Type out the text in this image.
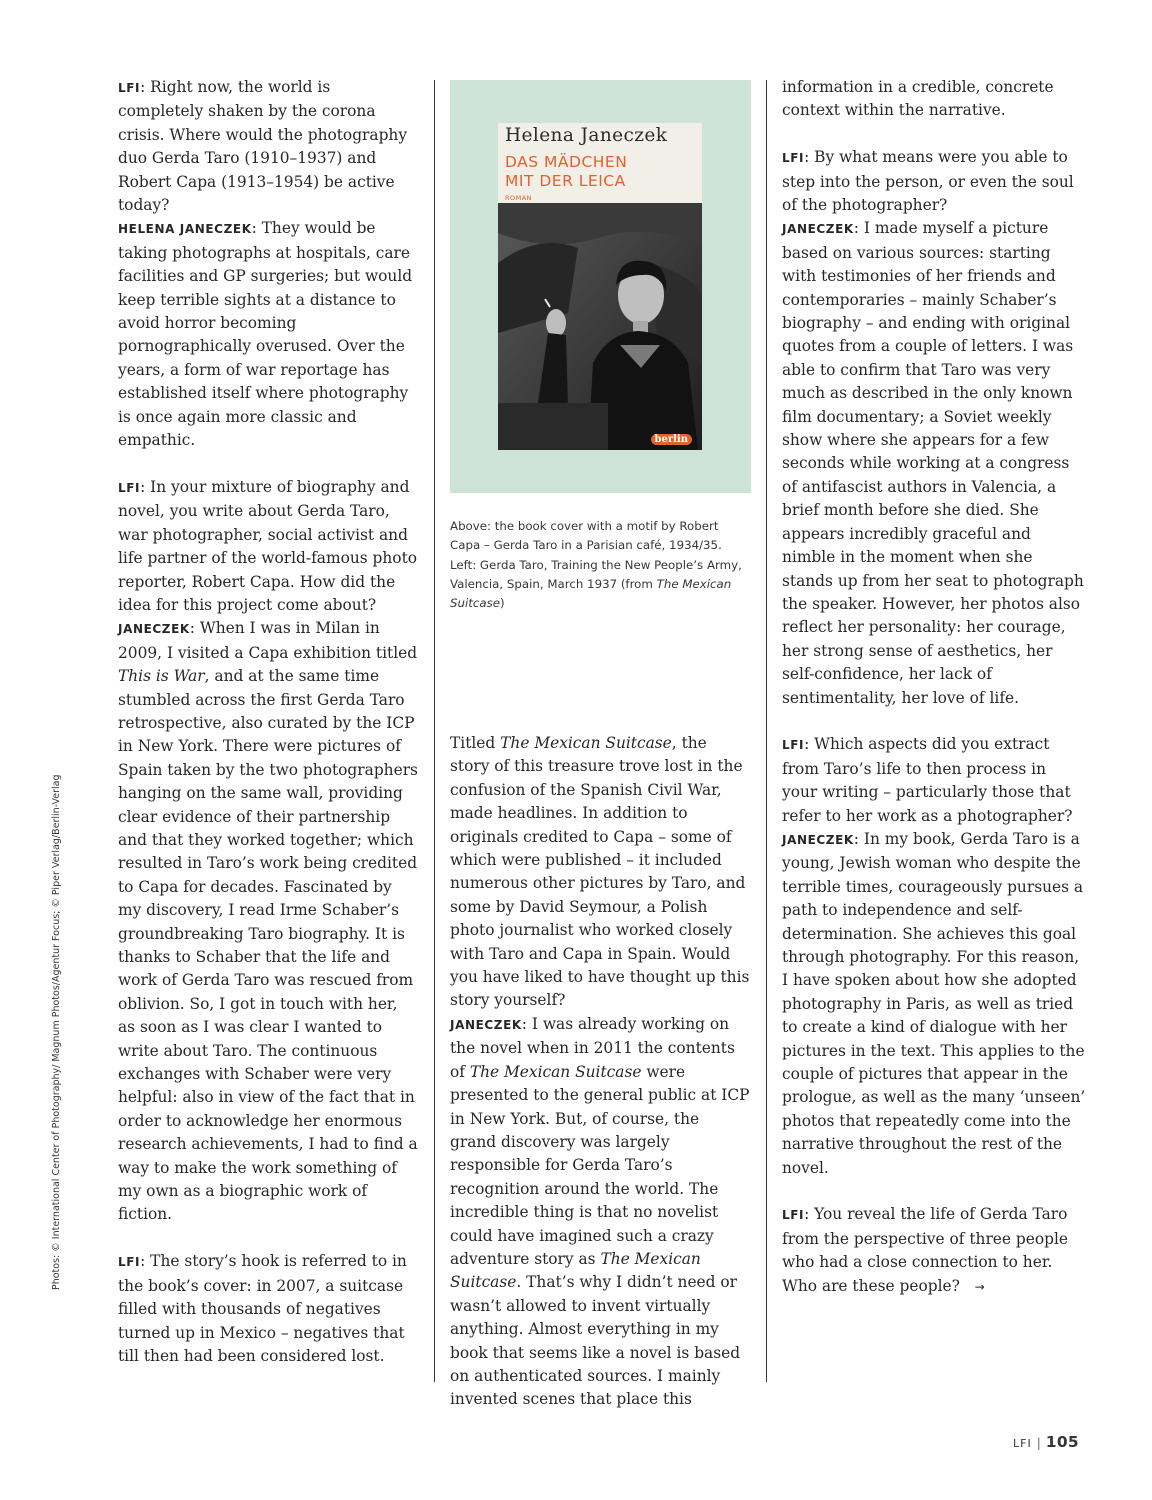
Photos: © International Center of Photography/ Magnum Photos/Agentur Focus; © Piper Verlag/Berlin-Verlag

LFI: Right now, the world is completely shaken by the corona crisis. Where would the photography duo Gerda Taro (1910–1937) and Robert Capa (1913–1954) be active today?

HELENA JANECZEK: They would be taking photographs at hospitals, care facilities and GP surgeries; but would keep terrible sights at a distance to avoid horror becoming pornographically overused. Over the years, a form of war reportage has established itself where photography is once again more classic and empathic.

LFI: In your mixture of biography and novel, you write about Gerda Taro, war photographer, social activist and life partner of the world-famous photo reporter, Robert Capa. How did the idea for this project come about?

JANECZEK: When I was in Milan in 2009, I visited a Capa exhibition titled This is War, and at the same time stumbled across the first Gerda Taro retrospective, also curated by the ICP in New York. There were pictures of Spain taken by the two photographers hanging on the same wall, providing clear evidence of their partnership and that they worked together; which resulted in Taro’s work being credited to Capa for decades. Fascinated by my discovery, I read Irme Schaber’s groundbreaking Taro biography. It is thanks to Schaber that the life and work of Gerda Taro was rescued from oblivion. So, I got in touch with her, as soon as I was clear I wanted to write about Taro. The continuous exchanges with Schaber were very helpful: also in view of the fact that in order to acknowledge her enormous research achievements, I had to find a way to make the work something of my own as a biographic work of fiction.

LFI: The story’s hook is referred to in the book’s cover: in 2007, a suitcase filled with thousands of negatives turned up in Mexico – negatives that till then had been considered lost.

Helena Janeczek
DAS MÄDCHEN
MIT DER LEICA
ROMAN
berlin
Above: the book cover with a motif by Robert Capa – Gerda Taro in a Parisian café, 1934/35. Left: Gerda Taro, Training the New People’s Army, Valencia, Spain, March 1937 (from The Mexican Suitcase)

Titled The Mexican Suitcase, the story of this treasure trove lost in the confusion of the Spanish Civil War, made headlines. In addition to originals credited to Capa – some of which were published – it included numerous other pictures by Taro, and some by David Seymour, a Polish photo journalist who worked closely with Taro and Capa in Spain. Would you have liked to have thought up this story yourself?

JANECZEK: I was already working on the novel when in 2011 the contents of The Mexican Suitcase were presented to the general public at ICP in New York. But, of course, the grand discovery was largely responsible for Gerda Taro’s recognition around the world. The incredible thing is that no novelist could have imagined such a crazy adventure story as The Mexican Suitcase. That’s why I didn’t need or wasn’t allowed to invent virtually anything. Almost everything in my book that seems like a novel is based on authenticated sources. I mainly invented scenes that place this

information in a credible, concrete context within the narrative.

LFI: By what means were you able to step into the person, or even the soul of the photographer?

JANECZEK: I made myself a picture based on various sources: starting with testimonies of her friends and contemporaries – mainly Schaber’s biography – and ending with original quotes from a couple of letters. I was able to confirm that Taro was very much as described in the only known film documentary; a Soviet weekly show where she appears for a few seconds while working at a congress of antifascist authors in Valencia, a brief month before she died. She appears incredibly graceful and nimble in the moment when she stands up from her seat to photograph the speaker. However, her photos also reflect her personality: her courage, her strong sense of aesthetics, her self-confidence, her lack of sentimentality, her love of life.

LFI: Which aspects did you extract from Taro’s life to then process in your writing – particularly those that refer to her work as a photographer?

JANECZEK: In my book, Gerda Taro is a young, Jewish woman who despite the terrible times, courageously pursues a path to independence and self-determination. She achieves this goal through photography. For this reason, I have spoken about how she adopted photography in Paris, as well as tried to create a kind of dialogue with her pictures in the text. This applies to the couple of pictures that appear in the prologue, as well as the many ‘unseen’ photos that repeatedly come into the narrative throughout the rest of the novel.

LFI: You reveal the life of Gerda Taro from the perspective of three people who had a close connection to her. Who are these people? →

LFI | 105
